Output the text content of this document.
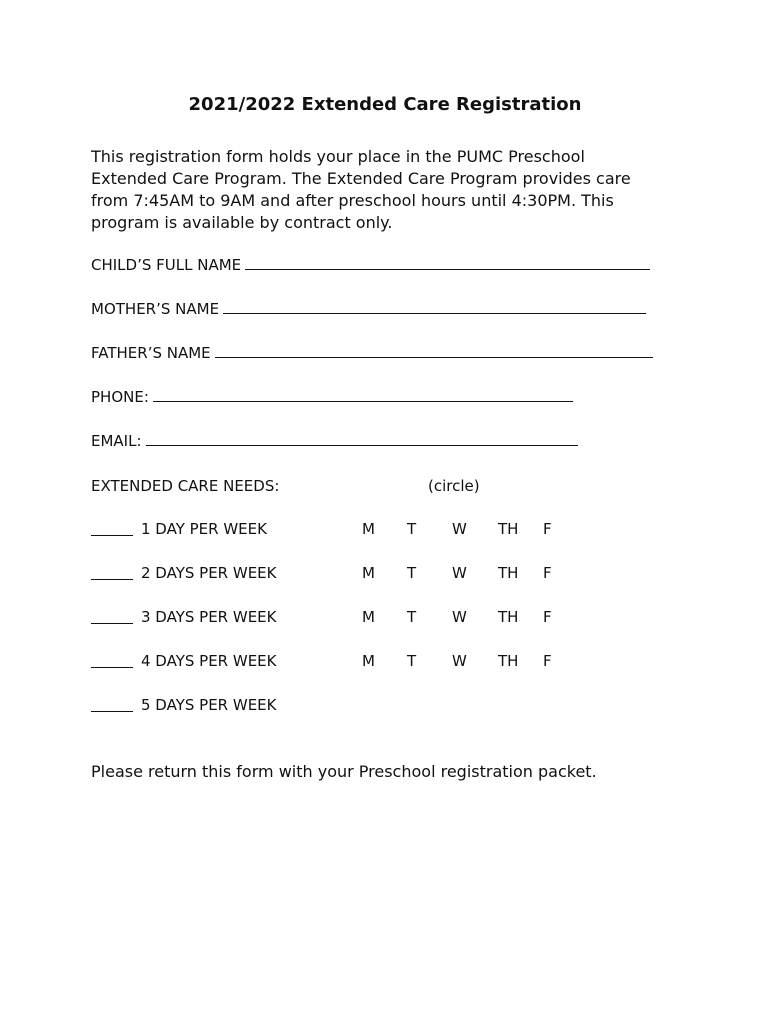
2021/2022 Extended Care Registration
This registration form holds your place in the PUMC Preschool
Extended Care Program. The Extended Care Program provides care
from 7:45AM to 9AM and after preschool hours until 4:30PM. This
program is available by contract only.
CHILD’S FULL NAME
MOTHER’S NAME
FATHER’S NAME
PHONE:
EMAIL:
EXTENDED CARE NEEDS:	(circle)
1 DAY PER WEEK	M T W TH F
2 DAYS PER WEEK	M T W TH F
3 DAYS PER WEEK	M T W TH F
4 DAYS PER WEEK	M T W TH F
5 DAYS PER WEEK
Please return this form with your Preschool registration packet.
